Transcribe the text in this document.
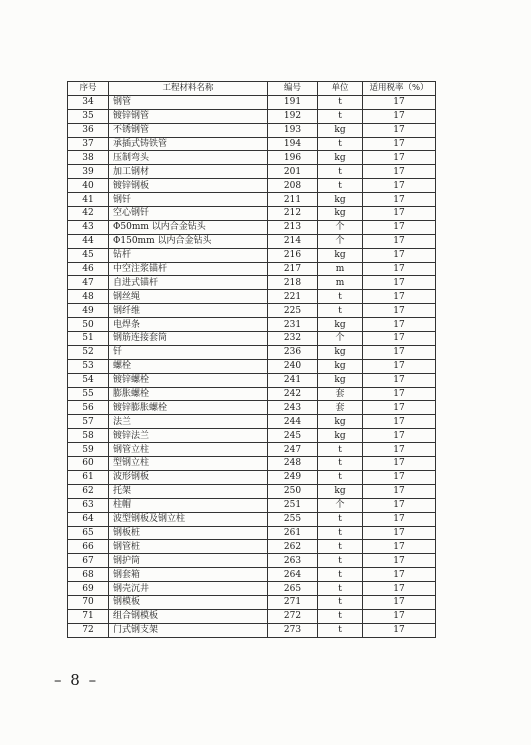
序号	工程材料名称	编号	单位	适用税率（%）
34	钢管	191	t	17
35	镀锌钢管	192	t	17
36	不锈钢管	193	kg	17
37	承插式铸铁管	194	t	17
38	压制弯头	196	kg	17
39	加工钢材	201	t	17
40	镀锌钢板	208	t	17
41	钢钎	211	kg	17
42	空心钢钎	212	kg	17
43	Φ50mm 以内合金钻头	213	个	17
44	Φ150mm 以内合金钻头	214	个	17
45	钻杆	216	kg	17
46	中空注浆锚杆	217	m	17
47	自进式锚杆	218	m	17
48	钢丝绳	221	t	17
49	钢纤维	225	t	17
50	电焊条	231	kg	17
51	钢筋连接套筒	232	个	17
52	钎	236	kg	17
53	螺栓	240	kg	17
54	镀锌螺栓	241	kg	17
55	膨胀螺栓	242	套	17
56	镀锌膨胀螺栓	243	套	17
57	法兰	244	kg	17
58	镀锌法兰	245	kg	17
59	钢管立柱	247	t	17
60	型钢立柱	248	t	17
61	波形钢板	249	t	17
62	托架	250	kg	17
63	柱帽	251	个	17
64	波型钢板及钢立柱	255	t	17
65	钢板桩	261	t	17
66	钢管桩	262	t	17
67	钢护筒	263	t	17
68	钢套箱	264	t	17
69	钢壳沉井	265	t	17
70	钢模板	271	t	17
71	组合钢模板	272	t	17
72	门式钢支架	273	t	17
– 8 –
